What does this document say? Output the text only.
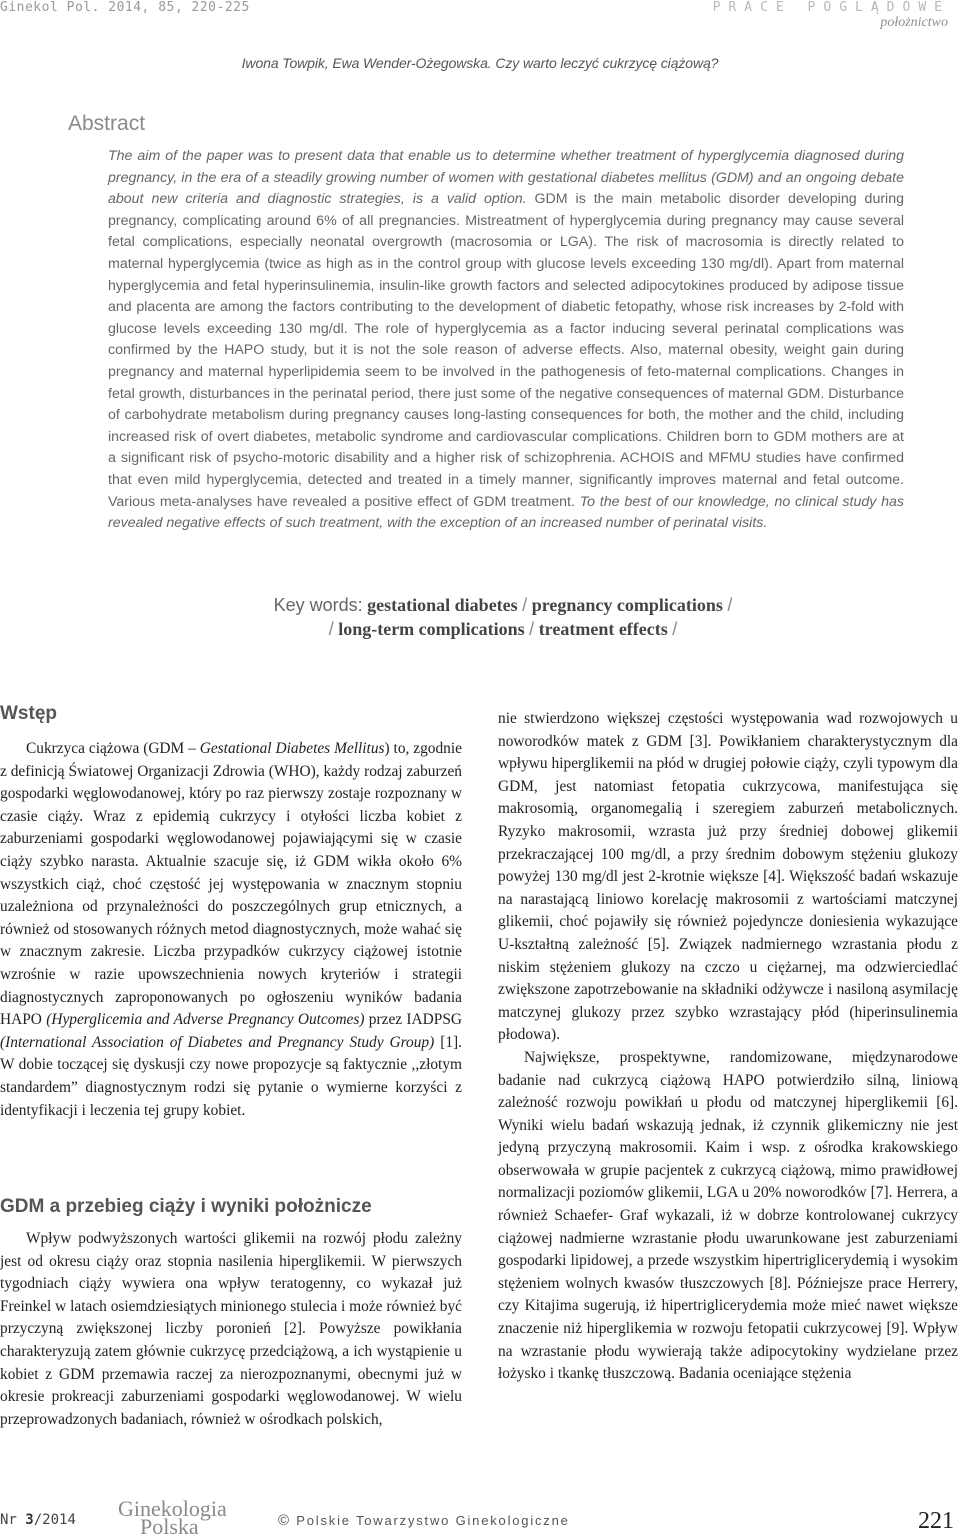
Ginekol Pol. 2014, 85, 220-225	PRACE POGLĄDOWE
położnictwo
Iwona Towpik, Ewa Wender-Ożegowska. Czy warto leczyć cukrzycę ciążową?
Abstract
The aim of the paper was to present data that enable us to determine whether treatment of hyperglycemia diagnosed during pregnancy, in the era of a steadily growing number of women with gestational diabetes mellitus (GDM) and an ongoing debate about new criteria and diagnostic strategies, is a valid option. GDM is the main metabolic disorder developing during pregnancy, complicating around 6% of all pregnancies. Mistreatment of hyperglycemia during pregnancy may cause several fetal complications, especially neonatal overgrowth (macrosomia or LGA). The risk of macrosomia is directly related to maternal hyperglycemia (twice as high as in the control group with glucose levels exceeding 130 mg/dl). Apart from maternal hyperglycemia and fetal hyperinsulinemia, insulin-like growth factors and selected adipocytokines produced by adipose tissue and placenta are among the factors contributing to the development of diabetic fetopathy, whose risk increases by 2-fold with glucose levels exceeding 130 mg/dl. The role of hyperglycemia as a factor inducing several perinatal complications was confirmed by the HAPO study, but it is not the sole reason of adverse effects. Also, maternal obesity, weight gain during pregnancy and maternal hyperlipidemia seem to be involved in the pathogenesis of feto-maternal complications. Changes in fetal growth, disturbances in the perinatal period, there just some of the negative consequences of maternal GDM. Disturbance of carbohydrate metabolism during pregnancy causes long-lasting consequences for both, the mother and the child, including increased risk of overt diabetes, metabolic syndrome and cardiovascular complications. Children born to GDM mothers are at a significant risk of psycho-motoric disability and a higher risk of schizophrenia. ACHOIS and MFMU studies have confirmed that even mild hyperglycemia, detected and treated in a timely manner, significantly improves maternal and fetal outcome. Various meta-analyses have revealed a positive effect of GDM treatment. To the best of our knowledge, no clinical study has revealed negative effects of such treatment, with the exception of an increased number of perinatal visits.
Key words: gestational diabetes / pregnancy complications /
/ long-term complications / treatment effects /
Wstęp

Cukrzyca ciążowa (GDM – Gestational Diabetes Mellitus) to, zgodnie z definicją Światowej Organizacji Zdrowia (WHO), każdy rodzaj zaburzeń gospodarki węglowodanowej, który po raz pierwszy zostaje rozpoznany w czasie ciąży. Wraz z epidemią cukrzycy i otyłości liczba kobiet z zaburzeniami gospodarki węglowodanowej pojawiającymi się w czasie ciąży szybko narasta. Aktualnie szacuje się, iż GDM wikła około 6% wszystkich ciąż, choć częstość jej występowania w znacznym stopniu uzależniona od przynależności do poszczególnych grup etnicznych, a również od stosowanych różnych metod diagnostycznych, może wahać się w znacznym zakresie. Liczba przypadków cukrzycy ciążowej istotnie wzrośnie w razie upowszechnienia nowych kryteriów i strategii diagnostycznych zaproponowanych po ogłoszeniu wyników badania HAPO (Hyperglicemia and Adverse Pregnancy Outcomes) przez IADPSG (International Association of Diabetes and Pregnancy Study Group) [1]. W dobie toczącej się dyskusji czy nowe propozycje są faktycznie ,,złotym standardem” diagnostycznym rodzi się pytanie o wymierne korzyści z identyfikacji i leczenia tej grupy kobiet.

GDM a przebieg ciąży i wyniki położnicze

Wpływ podwyższonych wartości glikemii na rozwój płodu zależny jest od okresu ciąży oraz stopnia nasilenia hiperglikemii. W pierwszych tygodniach ciąży wywiera ona wpływ teratogenny, co wykazał już Freinkel w latach osiemdziesiątych minionego stulecia i może również być przyczyną zwiększonej liczby poronień [2]. Powyższe powikłania charakteryzują zatem głównie cukrzycę przedciążową, a ich wystąpienie u kobiet z GDM przemawia raczej za nierozpoznanymi, obecnymi już w okresie prokreacji zaburzeniami gospodarki węglowodanowej. W wielu przeprowadzonych badaniach, również w ośrodkach polskich,

nie stwierdzono większej częstości występowania wad rozwojowych u noworodków matek z GDM [3]. Powikłaniem charakterystycznym dla wpływu hiperglikemii na płód w drugiej połowie ciąży, czyli typowym dla GDM, jest natomiast fetopatia cukrzycowa, manifestująca się makrosomią, organomegalią i szeregiem zaburzeń metabolicznych. Ryzyko makrosomii, wzrasta już przy średniej dobowej glikemii przekraczającej 100 mg/dl, a przy średnim dobowym stężeniu glukozy powyżej 130 mg/dl jest 2-krotnie większe [4]. Większość badań wskazuje na narastającą liniowo korelację makrosomii z wartościami matczynej glikemii, choć pojawiły się również pojedyncze doniesienia wykazujące U-kształtną zależność [5]. Związek nadmiernego wzrastania płodu z niskim stężeniem glukozy na czczo u ciężarnej, ma odzwierciedlać zwiększone zapotrzebowanie na składniki odżywcze i nasiloną asymilację matczynej glukozy przez szybko wzrastający płód (hiperinsulinemia płodowa).

Największe, prospektywne, randomizowane, międzynarodowe badanie nad cukrzycą ciążową HAPO potwierdziło silną, liniową zależność rozwoju powikłań u płodu od matczynej hiperglikemii [6]. Wyniki wielu badań wskazują jednak, iż czynnik glikemiczny nie jest jedyną przyczyną makrosomii. Kaim i wsp. z ośrodka krakowskiego obserwowała w grupie pacjentek z cukrzycą ciążową, mimo prawidłowej normalizacji poziomów glikemii, LGA u 20% noworodków [7]. Herrera, a również Schaefer- Graf wykazali, iż w dobrze kontrolowanej cukrzycy ciążowej nadmierne wzrastanie płodu uwarunkowane jest zaburzeniami gospodarki lipidowej, a przede wszystkim hipertriglicerydemią i wysokim stężeniem wolnych kwasów tłuszczowych [8]. Późniejsze prace Herrery, czy Kitajima sugerują, iż hipertriglicerydemia może mieć nawet większe znaczenie niż hiperglikemia w rozwoju fetopatii cukrzycowej [9]. Wpływ na wzrastanie płodu wywierają także adipocytokiny wydzielane przez łożysko i tkankę tłuszczową. Badania oceniające stężenia

Nr 3/2014 Ginekologia
Polska	© Polskie Towarzystwo Ginekologiczne	221
